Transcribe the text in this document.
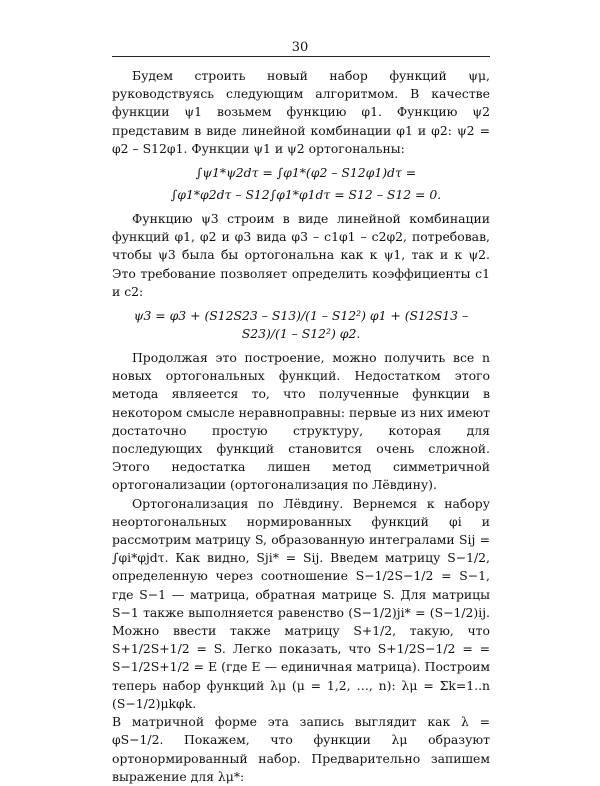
30

Будем строить новый набор функций ψμ, руководствуясь следующим алгоритмом. В качестве функции ψ1 возьмем функцию φ1. Функцию ψ2 представим в виде линейной комбинации φ1 и φ2: ψ2 = φ2 – S12φ1. Функции ψ1 и ψ2 ортогональны:

∫ψ1*ψ2dτ = ∫φ1*(φ2 – S12φ1)dτ =
∫φ1*φ2dτ – S12∫φ1*φ1dτ = S12 – S12 = 0.

Функцию ψ3 строим в виде линейной комбинации функций φ1, φ2 и φ3 вида φ3 – c1φ1 – c2φ2, потребовав, чтобы ψ3 была бы ортогональна как к ψ1, так и к ψ2. Это требование позволяет определить коэффициенты c1 и c2:

ψ3 = φ3 + (S12S23 – S13)/(1 – S12²) φ1 + (S12S13 – S23)/(1 – S12²) φ2.

Продолжая это построение, можно получить все n новых ортогональных функций. Недостатком этого метода являеется то, что полученные функции в некотором смысле неравноправны: первые из них имеют достаточно простую структуру, которая для последующих функций становится очень сложной. Этого недостатка лишен метод симметричной ортогонализации (ортогонализация по Лёвдину).

Ортогонализация по Лёвдину. Вернемся к набору неортогональных нормированных функций φi и рассмотрим матрицу S, образованную интегралами Sij = ∫φi*φjdτ. Как видно, Sji* = Sij. Введем матрицу S−1/2, определенную через соотношение S−1/2S−1/2 = S−1, где S−1 — матрица, обратная матрице S. Для матрицы S−1 также выполняется равенство (S−1/2)ji* = (S−1/2)ij. Можно ввести также матрицу S+1/2, такую, что S+1/2S+1/2 = S. Легко показать, что S+1/2S−1/2 = = S−1/2S+1/2 = E (где E — единичная матрица). Построим теперь набор функций λμ (μ = 1,2, …, n): λμ = Σk=1..n (S−1/2)μkφk.

В матричной форме эта запись выглядит как λ = φS−1/2. Покажем, что функции λμ образуют ортонормированный набор. Предварительно запишем выражение для λμ*:
